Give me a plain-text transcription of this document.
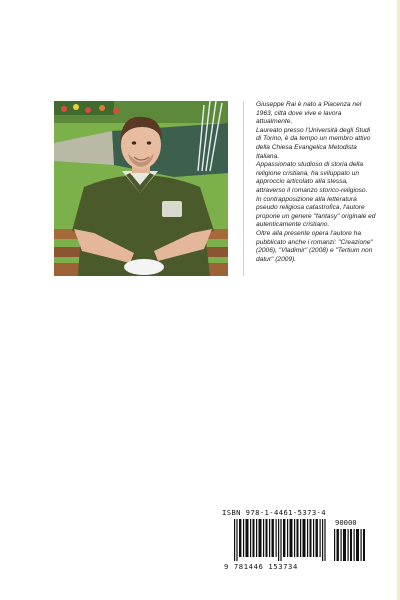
Giuseppe Rai è nato a Piacenza nel 1963, città dove vive e lavora attualmente.

Laureato presso l'Università degli Studi di Torino, è da tempo un membro attivo della Chiesa Evangelica Metodista Italiana.

Appassionato studioso di storia della religione cristiana, ha sviluppato un approccio articolato alla stessa, attraverso il romanzo storico-religioso.

In contrapposizione alla letteratura pseudo religiosa catastrofica, l'autore propone un genere "fantasy" originale ed autenticamente cristiano.

Oltre alla presente opera l'autore ha pubblicato anche i romanzi: "Creazione" (2006), "Vladimir" (2008) e "Tertium non datur" (2009).

ISBN 978-1-4461-5373-4
90000
9 781446 153734
